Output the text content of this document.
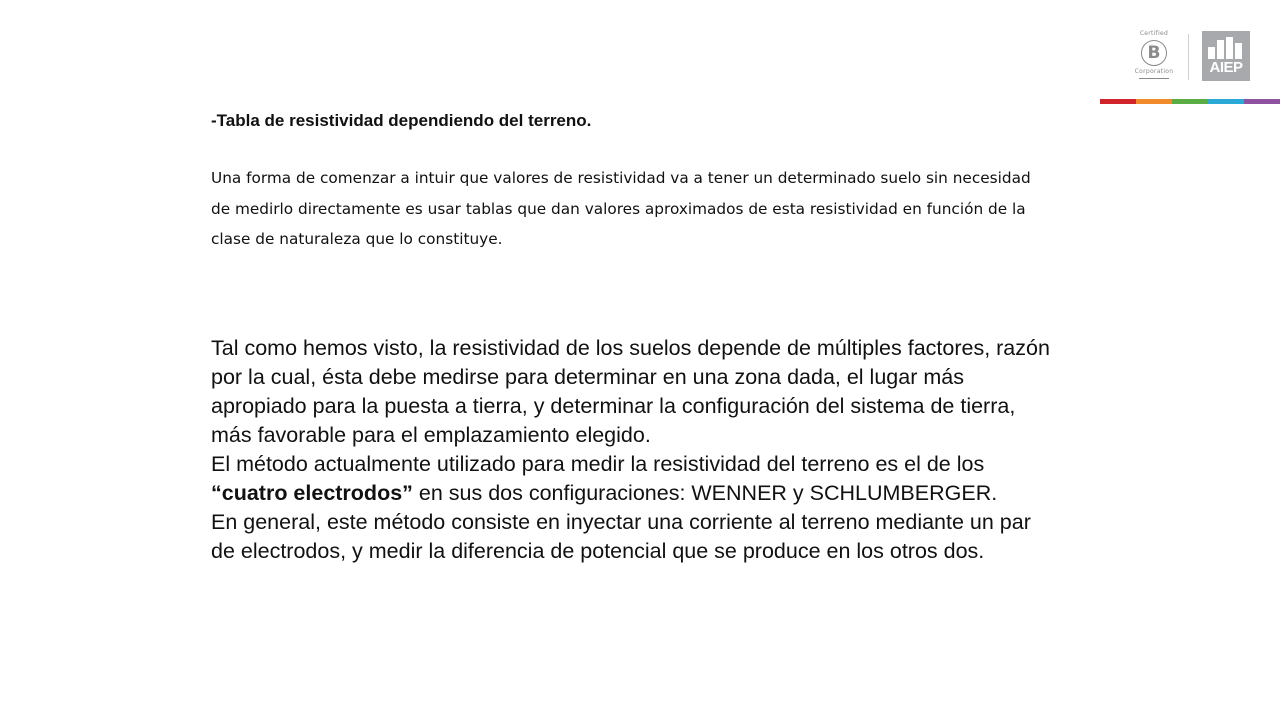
Certified
B
Corporation	AIEP
-Tabla de resistividad dependiendo del terreno.

Una forma de comenzar a intuir que valores de resistividad va a tener un determinado suelo sin necesidad de medirlo directamente es usar tablas que dan valores aproximados de esta resistividad en función de la clase de naturaleza que lo constituye.

Tal como hemos visto, la resistividad de los suelos depende de múltiples factores, razón por la cual, ésta debe medirse para determinar en una zona dada, el lugar más apropiado para la puesta a tierra, y determinar la configuración del sistema de tierra, más favorable para el emplazamiento elegido.

El método actualmente utilizado para medir la resistividad del terreno es el de los “cuatro electrodos” en sus dos configuraciones: WENNER y SCHLUMBERGER.

En general, este método consiste en inyectar una corriente al terreno mediante un par de electrodos, y medir la diferencia de potencial que se produce en los otros dos.
